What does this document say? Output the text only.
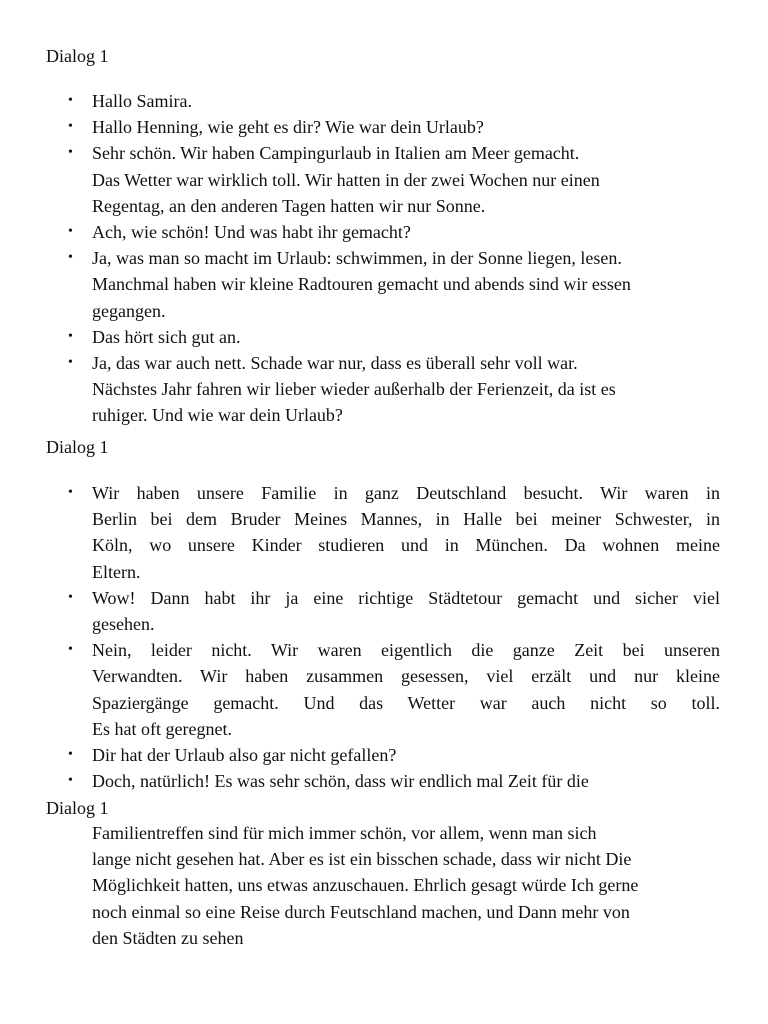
Dialog 1

• Hallo Samira.
• Hallo Henning, wie geht es dir? Wie war dein Urlaub?
• Sehr schön. Wir haben Campingurlaub in Italien am Meer gemacht.
Das Wetter war wirklich toll. Wir hatten in der zwei Wochen nur einen
Regentag, an den anderen Tagen hatten wir nur Sonne.
• Ach, wie schön! Und was habt ihr gemacht?
• Ja, was man so macht im Urlaub: schwimmen, in der Sonne liegen, lesen.
Manchmal haben wir kleine Radtouren gemacht und abends sind wir essen
gegangen.
• Das hört sich gut an.
• Ja, das war auch nett. Schade war nur, dass es überall sehr voll war.
Nächstes Jahr fahren wir lieber wieder außerhalb der Ferienzeit, da ist es
ruhiger. Und wie war dein Urlaub?

Dialog 1

• Wir haben unsere Familie in ganz Deutschland besucht. Wir waren in
Berlin bei dem Bruder Meines Mannes, in Halle bei meiner Schwester, in
Köln, wo unsere Kinder studieren und in München. Da wohnen meine
Eltern.
• Wow! Dann habt ihr ja eine richtige Städtetour gemacht und sicher viel
gesehen.
• Nein, leider nicht. Wir waren eigentlich die ganze Zeit bei unseren
Verwandten. Wir haben zusammen gesessen, viel erzält und nur kleine
Spaziergänge gemacht. Und das Wetter war auch nicht so toll.
Es hat oft geregnet.
• Dir hat der Urlaub also gar nicht gefallen?
• Doch, natürlich! Es was sehr schön, dass wir endlich mal Zeit für die

Dialog 1

Familientreffen sind für mich immer schön, vor allem, wenn man sich
lange nicht gesehen hat. Aber es ist ein bisschen schade, dass wir nicht Die
Möglichkeit hatten, uns etwas anzuschauen. Ehrlich gesagt würde Ich gerne
noch einmal so eine Reise durch Feutschland machen, und Dann mehr von
den Städten zu sehen
